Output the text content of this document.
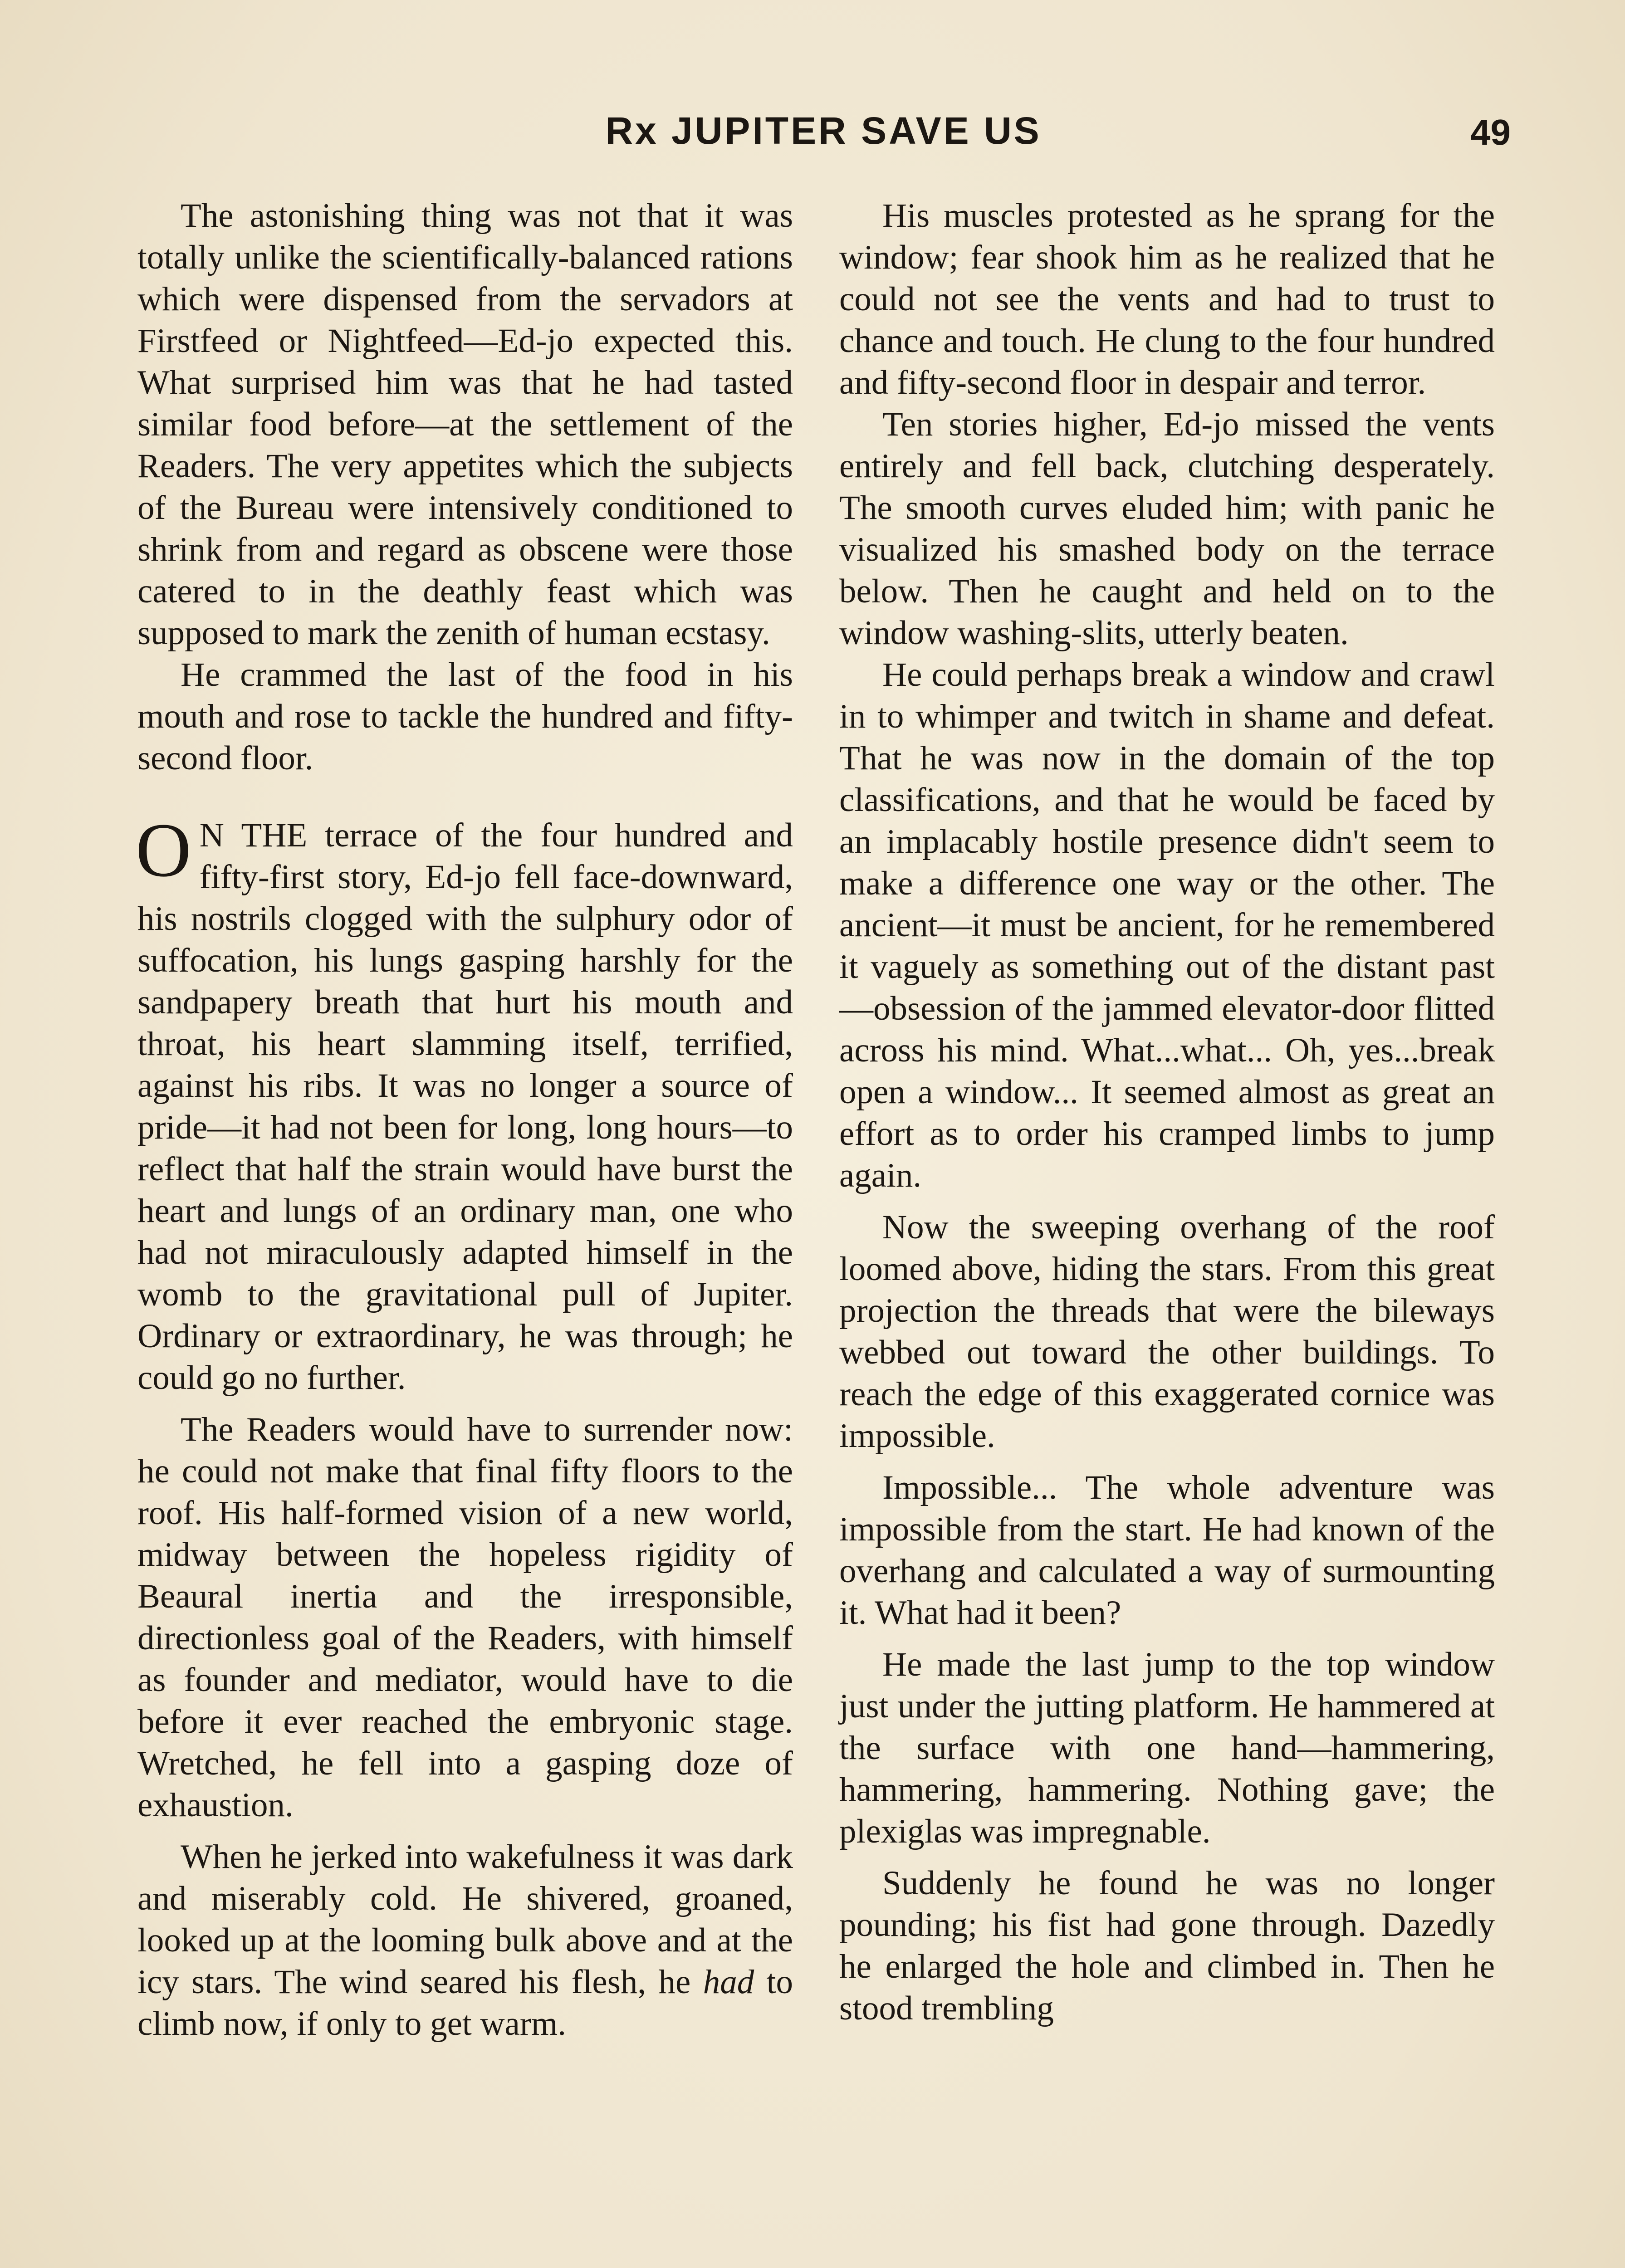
Rx JUPITER SAVE US	49

The astonishing thing was not that it was totally unlike the scientifically-balanced rations which were dispensed from the servadors at Firstfeed or Nightfeed—Ed-jo expected this. What surprised him was that he had tasted similar food before—at the settlement of the Readers. The very appetites which the subjects of the Bureau were intensively conditioned to shrink from and regard as obscene were those catered to in the deathly feast which was supposed to mark the zenith of human ecstasy.

He crammed the last of the food in his mouth and rose to tackle the hundred and fifty-second floor.

O N THE terrace of the four hundred and fifty-first story, Ed-jo fell face-downward, his nostrils clogged with the sulphury odor of suffocation, his lungs gasping harshly for the sandpapery breath that hurt his mouth and throat, his heart slamming itself, terrified, against his ribs. It was no longer a source of pride—it had not been for long, long hours—to reflect that half the strain would have burst the heart and lungs of an ordinary man, one who had not miraculously adapted himself in the womb to the gravitational pull of Jupiter. Ordinary or extraordinary, he was through; he could go no further.

The Readers would have to surrender now: he could not make that final fifty floors to the roof. His half-formed vision of a new world, midway between the hopeless rigidity of Beaural inertia and the irresponsible, directionless goal of the Readers, with himself as founder and mediator, would have to die before it ever reached the embryonic stage. Wretched, he fell into a gasping doze of exhaustion.

When he jerked into wakefulness it was dark and miserably cold. He shivered, groaned, looked up at the looming bulk above and at the icy stars. The wind seared his flesh, he had to climb now, if only to get warm.

His muscles protested as he sprang for the window; fear shook him as he realized that he could not see the vents and had to trust to chance and touch. He clung to the four hundred and fifty-second floor in despair and terror.

Ten stories higher, Ed-jo missed the vents entirely and fell back, clutching desperately. The smooth curves eluded him; with panic he visualized his smashed body on the terrace below. Then he caught and held on to the window washing-slits, utterly beaten.

He could perhaps break a window and crawl in to whimper and twitch in shame and defeat. That he was now in the domain of the top classifications, and that he would be faced by an implacably hostile presence didn't seem to make a difference one way or the other. The ancient—it must be ancient, for he remembered it vaguely as something out of the distant past—obsession of the jammed elevator-door flitted across his mind. What...what... Oh, yes...break open a window... It seemed almost as great an effort as to order his cramped limbs to jump again.

Now the sweeping overhang of the roof loomed above, hiding the stars. From this great projection the threads that were the bileways webbed out toward the other buildings. To reach the edge of this exaggerated cornice was impossible.

Impossible... The whole adventure was impossible from the start. He had known of the overhang and calculated a way of surmounting it. What had it been?

He made the last jump to the top window just under the jutting platform. He hammered at the surface with one hand—hammering, hammering, hammering. Nothing gave; the plexiglas was impregnable.

Suddenly he found he was no longer pounding; his fist had gone through. Dazedly he enlarged the hole and climbed in. Then he stood trembling
